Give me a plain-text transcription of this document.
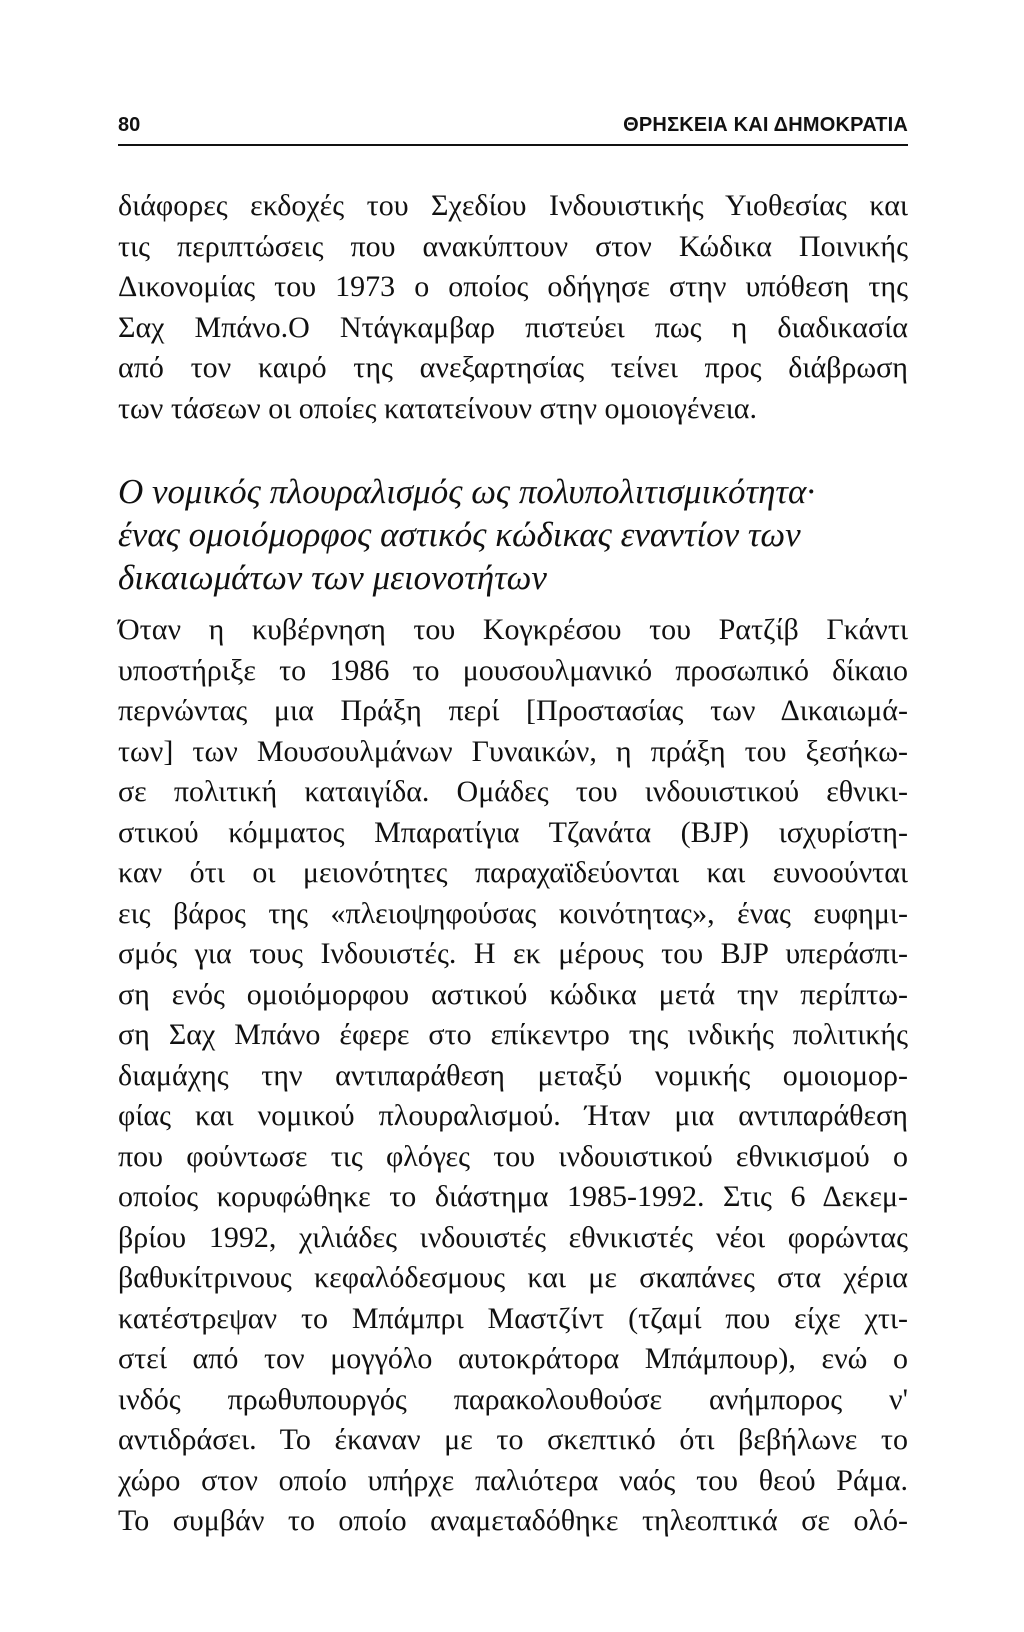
80	ΘΡΗΣΚΕΙΑ ΚΑΙ ΔΗΜΟΚΡΑΤΙΑ
διάφορες εκδοχές του Σχεδίου Ινδουιστικής Υιοθεσίας και
τις περιπτώσεις που ανακύπτουν στον Κώδικα Ποινικής
Δικονομίας του 1973 ο οποίος οδήγησε στην υπόθεση της
Σαχ Μπάνο.Ο Ντάγκαμβαρ πιστεύει πως η διαδικασία
από τον καιρό της ανεξαρτησίας τείνει προς διάβρωση
των τάσεων οι οποίες κατατείνουν στην ομοιογένεια.
Ο νομικός πλουραλισμός ως πολυπολιτισμικότητα·
ένας ομοιόμορφος αστικός κώδικας εναντίον των
δικαιωμάτων των μειονοτήτων
Όταν η κυβέρνηση του Κογκρέσου του Ρατζίβ Γκάντι
υποστήριξε το 1986 το μουσουλμανικό προσωπικό δίκαιο
περνώντας μια Πράξη περί [Προστασίας των Δικαιωμά-
των] των Μουσουλμάνων Γυναικών, η πράξη του ξεσήκω-
σε πολιτική καταιγίδα. Ομάδες του ινδουιστικού εθνικι-
στικού κόμματος Μπαρατίγια Τζανάτα (BJP) ισχυρίστη-
καν ότι οι μειονότητες παραχαϊδεύονται και ευνοούνται
εις βάρος της «πλειοψηφούσας κοινότητας», ένας ευφημι-
σμός για τους Ινδουιστές. Η εκ μέρους του BJP υπεράσπι-
ση ενός ομοιόμορφου αστικού κώδικα μετά την περίπτω-
ση Σαχ Μπάνο έφερε στο επίκεντρο της ινδικής πολιτικής
διαμάχης την αντιπαράθεση μεταξύ νομικής ομοιομορ-
φίας και νομικού πλουραλισμού. Ήταν μια αντιπαράθεση
που φούντωσε τις φλόγες του ινδουιστικού εθνικισμού ο
οποίος κορυφώθηκε το διάστημα 1985-1992. Στις 6 Δεκεμ-
βρίου 1992, χιλιάδες ινδουιστές εθνικιστές νέοι φορώντας
βαθυκίτρινους κεφαλόδεσμους και με σκαπάνες στα χέρια
κατέστρεψαν το Μπάμπρι Μαστζίντ (τζαμί που είχε χτι-
στεί από τον μογγόλο αυτοκράτορα Μπάμπουρ), ενώ ο
ινδός πρωθυπουργός παρακολουθούσε ανήμπορος ν'
αντιδράσει. Το έκαναν με το σκεπτικό ότι βεβήλωνε το
χώρο στον οποίο υπήρχε παλιότερα ναός του θεού Ράμα.
Το συμβάν το οποίο αναμεταδόθηκε τηλεοπτικά σε ολό-
